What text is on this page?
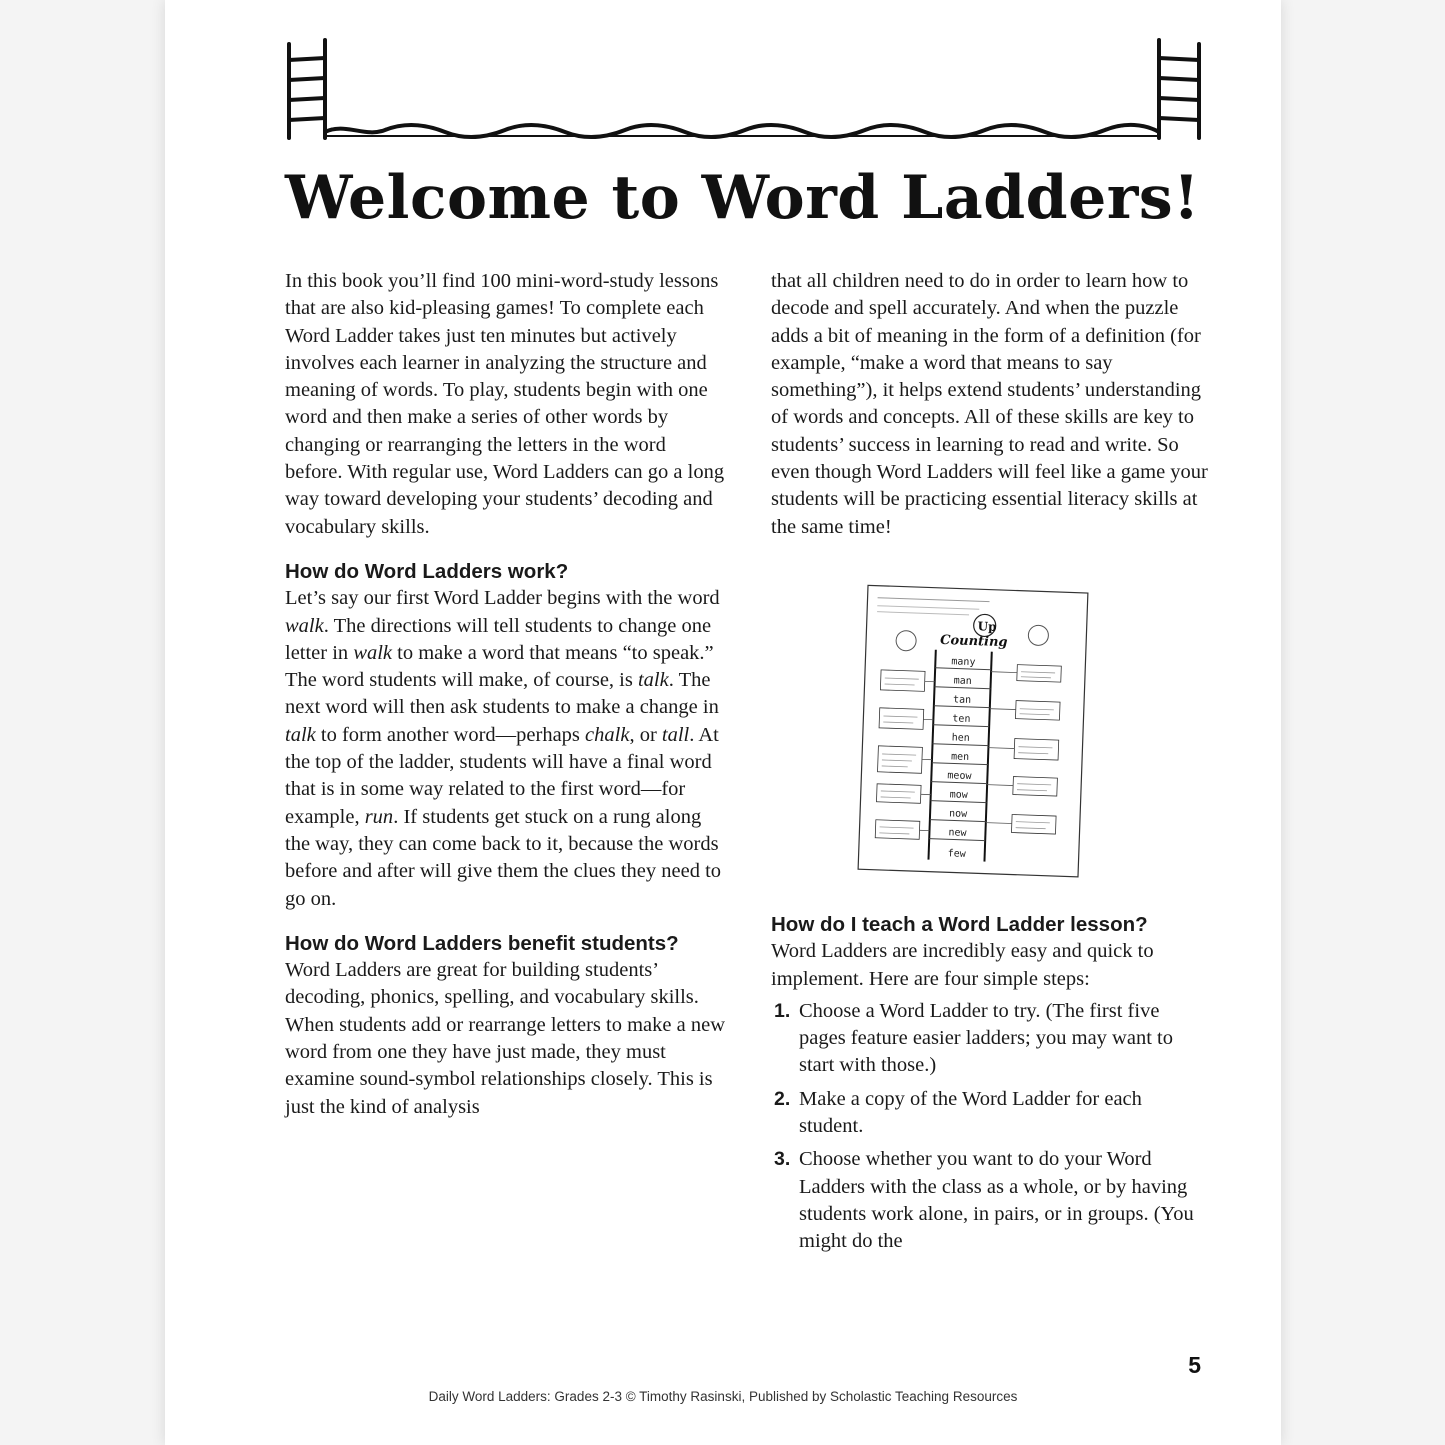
Welcome to Word Ladders!

In this book you’ll find 100 mini-word-study lessons that are also kid-pleasing games! To complete each Word Ladder takes just ten minutes but actively involves each learner in analyzing the structure and meaning of words. To play, students begin with one word and then make a series of other words by changing or rearranging the letters in the word before. With regular use, Word Ladders can go a long way toward developing your students’ decoding and vocabulary skills.

How do Word Ladders work?

Let’s say our first Word Ladder begins with the word walk. The directions will tell students to change one letter in walk to make a word that means “to speak.” The word students will make, of course, is talk. The next word will then ask students to make a change in talk to form another word—perhaps chalk, or tall. At the top of the ladder, students will have a final word that is in some way related to the first word—for example, run. If students get stuck on a rung along the way, they can come back to it, because the words before and after will give them the clues they need to go on.

How do Word Ladders benefit students?

Word Ladders are great for building students’ decoding, phonics, spelling, and vocabulary skills. When students add or rearrange letters to make a new word from one they have just made, they must examine sound-symbol relationships closely. This is just the kind of analysis

that all children need to do in order to learn how to decode and spell accurately. And when the puzzle adds a bit of meaning in the form of a definition (for example, “make a word that means to say something”), it helps extend students’ understanding of words and concepts. All of these skills are key to students’ success in learning to read and write. So even though Word Ladders will feel like a game your students will be practicing essential literacy skills at the same time!

Up
Counting
many
man
tan
ten
hen
men
meow
mow
now
new
few
How do I teach a Word Ladder lesson?

Word Ladders are incredibly easy and quick to implement. Here are four simple steps:

1. Choose a Word Ladder to try. (The first five pages feature easier ladders; you may want to start with those.)
2. Make a copy of the Word Ladder for each student.
3. Choose whether you want to do your Word Ladders with the class as a whole, or by having students work alone, in pairs, or in groups. (You might do the
5
Daily Word Ladders: Grades 2-3 © Timothy Rasinski, Published by Scholastic Teaching Resources
